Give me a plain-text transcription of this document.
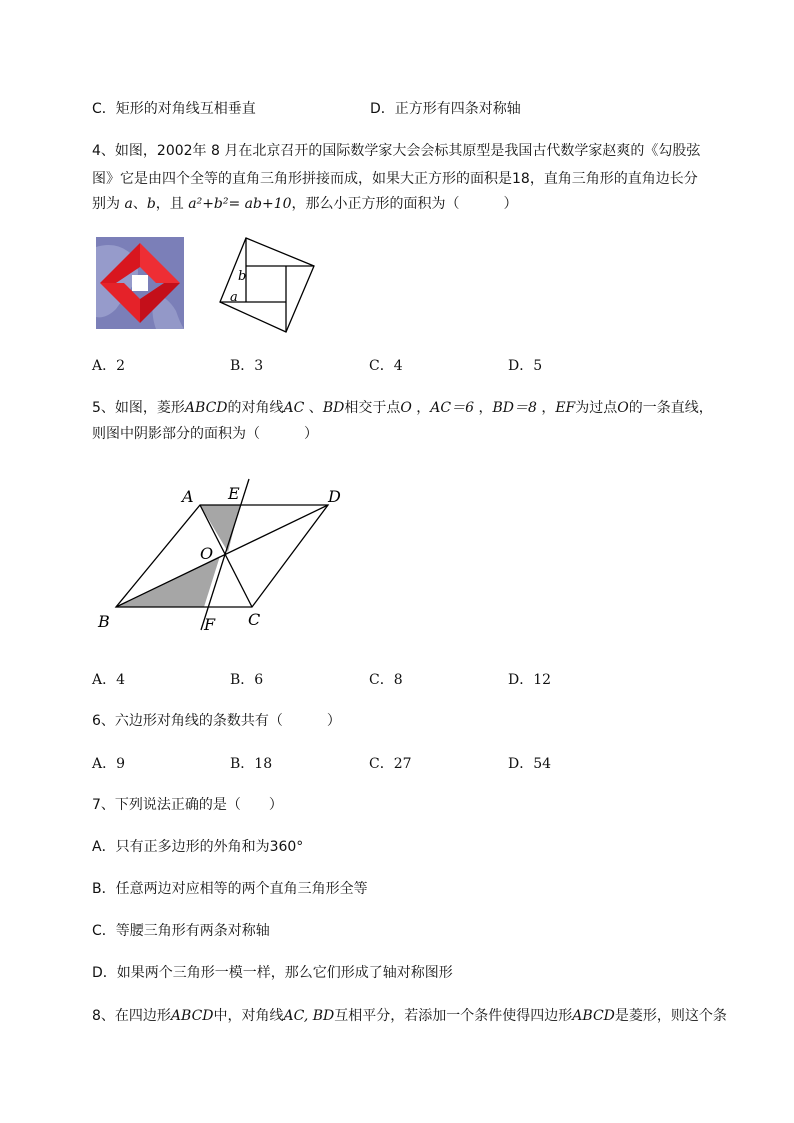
C．矩形的对角线互相垂直	D．正方形有四条对称轴
4、如图，2002年 8 月在北京召开的国际数学家大会会标其原型是我国古代数学家赵爽的《勾股弦
图》它是由四个全等的直角三角形拼接而成，如果大正方形的面积是18，直角三角形的直角边长分
别为 a、b，且 a²+b²= ab+10，那么小正方形的面积为（	）
b
a
A．2	B．3	C．4	D．5
5、如图，菱形ABCD的对角线AC 、BD相交于点O ，AC＝6 ，BD＝8 ，EF为过点O的一条直线，
则图中阴影部分的面积为（	）
A E	D
O
B	F C
A．4	B．6	C．8	D．12
6、六边形对角线的条数共有（	）
A．9	B．18	C．27	D．54
7、下列说法正确的是（　　）
A．只有正多边形的外角和为360°
B．任意两边对应相等的两个直角三角形全等
C．等腰三角形有两条对称轴
D．如果两个三角形一模一样，那么它们形成了轴对称图形
8、在四边形ABCD中，对角线AC, BD互相平分，若添加一个条件使得四边形ABCD是菱形，则这个条
